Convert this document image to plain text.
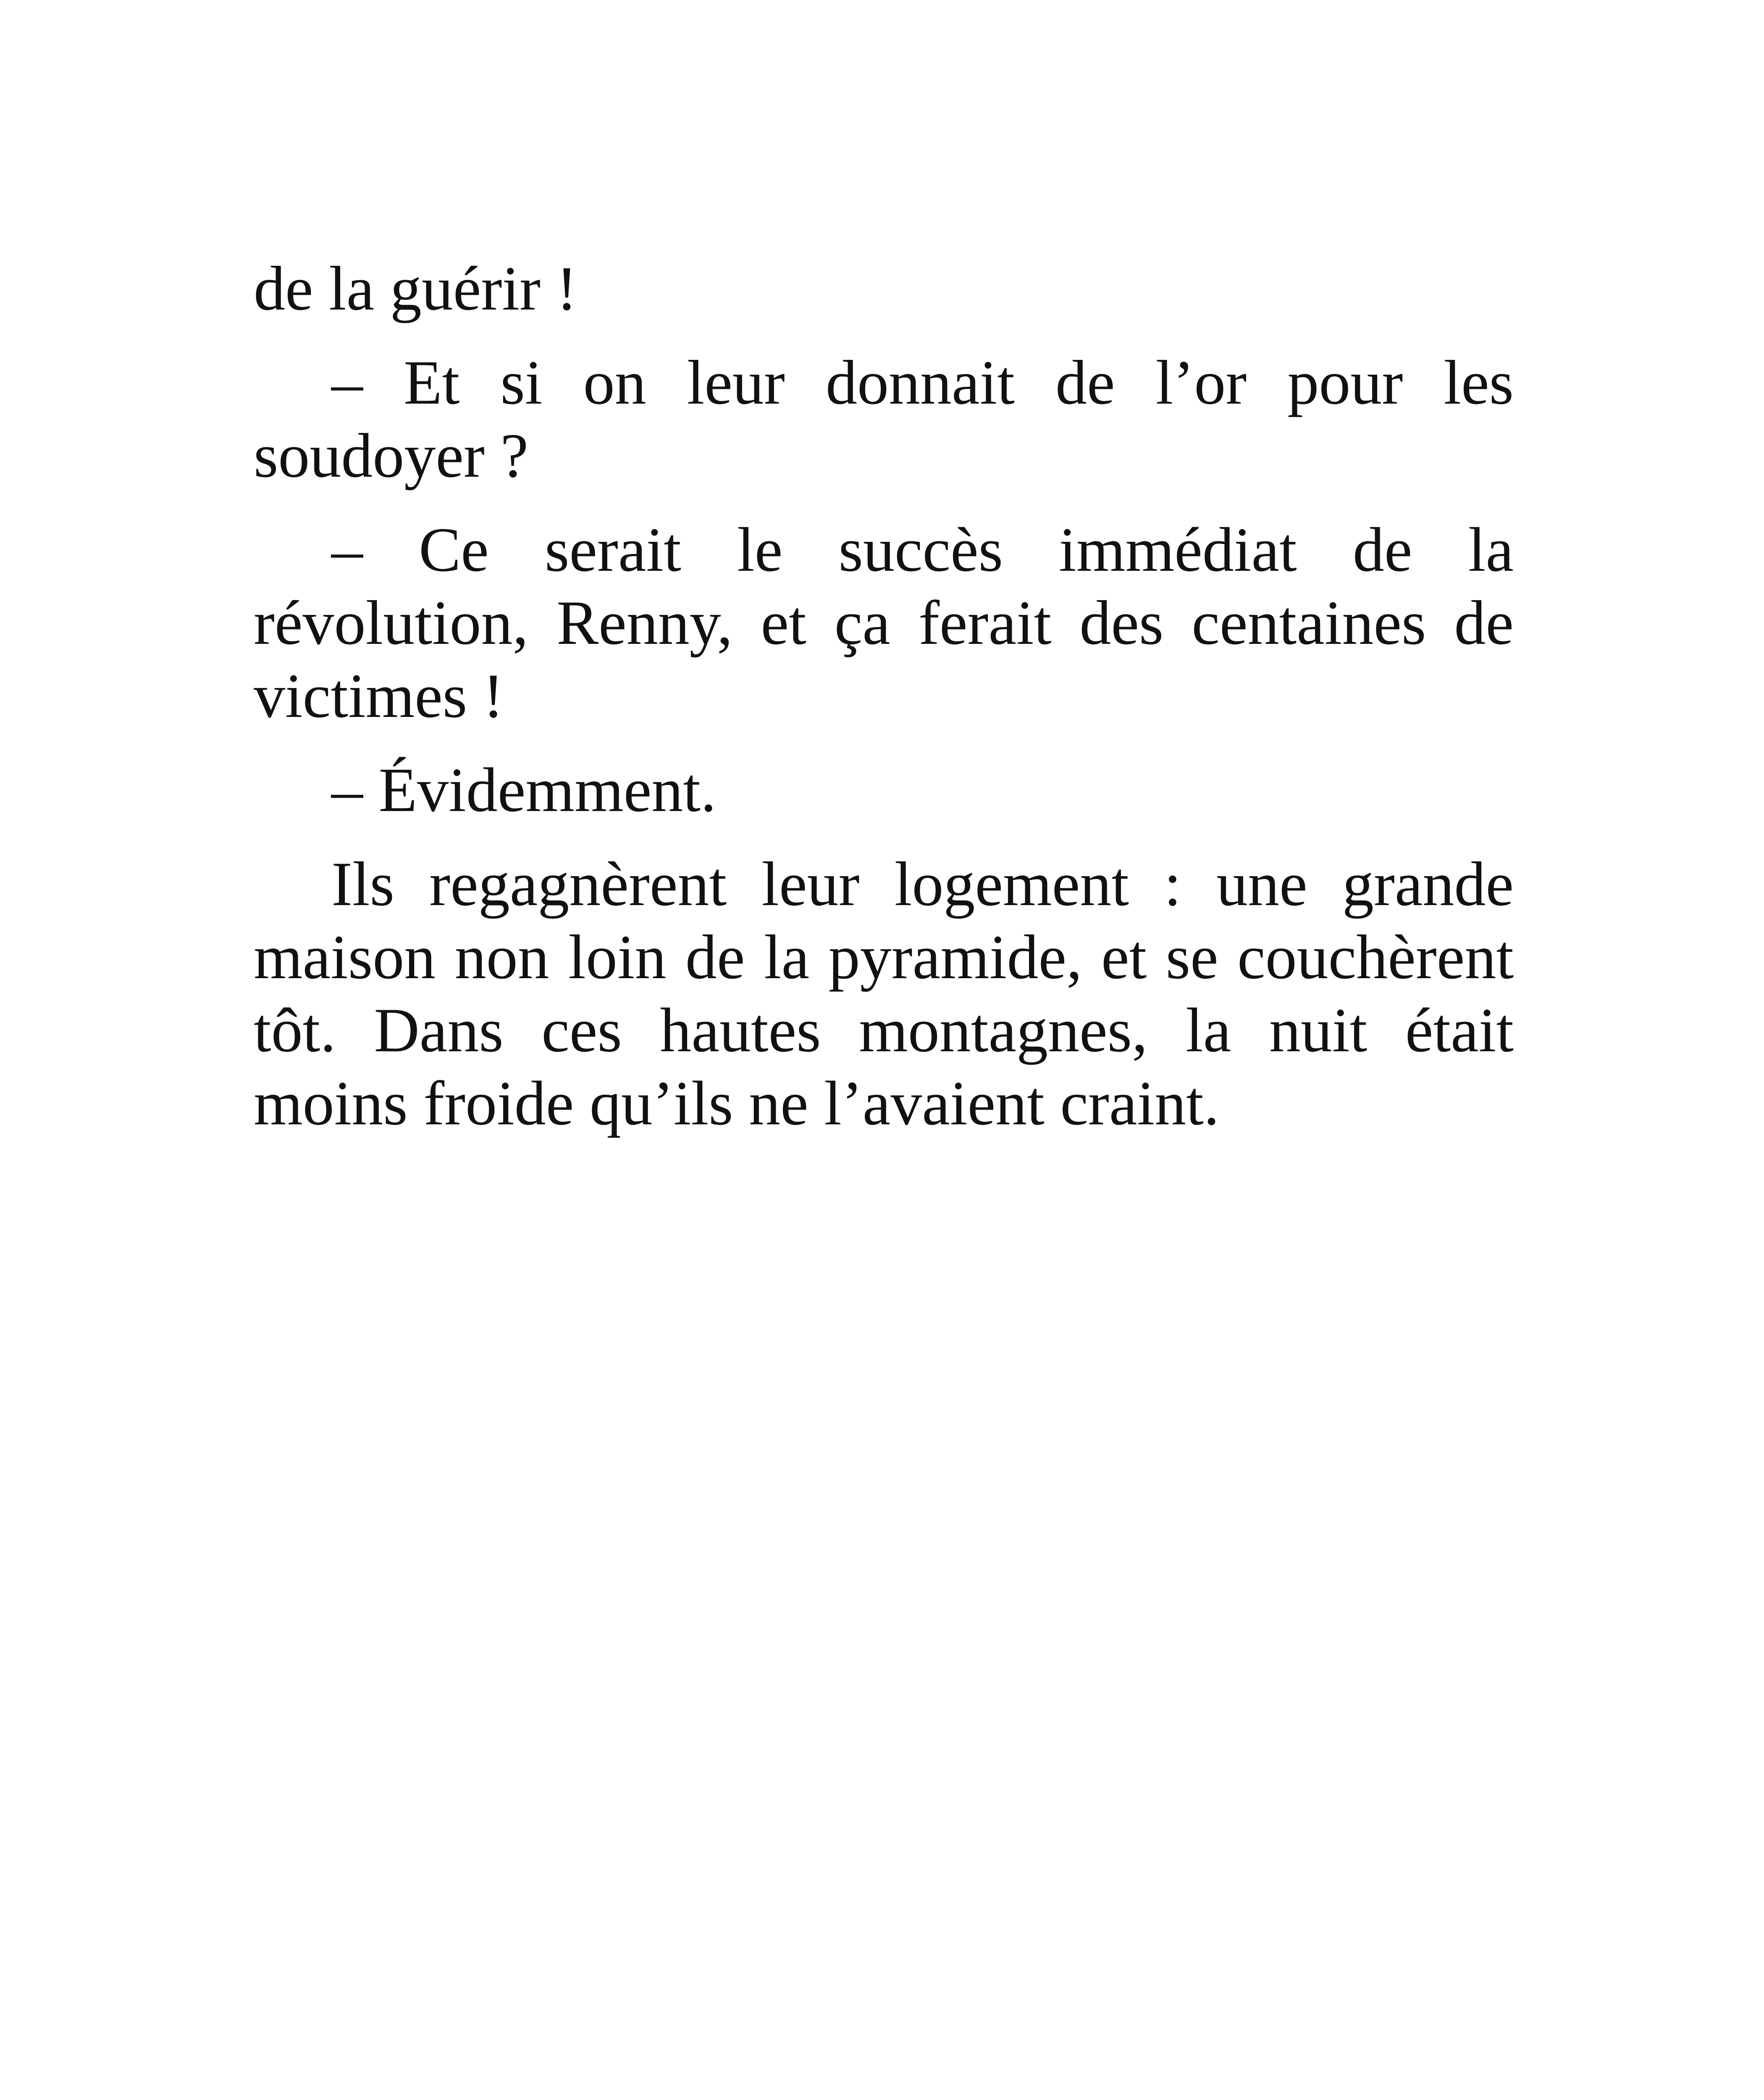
de la guérir !

– Et si on leur donnait de l’or pour les soudoyer ?

– Ce serait le succès immédiat de la révolution, Renny, et ça ferait des centaines de victimes !

– Évidemment.

Ils regagnèrent leur logement : une grande maison non loin de la pyramide, et se couchèrent tôt. Dans ces hautes montagnes, la nuit était moins froide qu’ils ne l’avaient craint.
